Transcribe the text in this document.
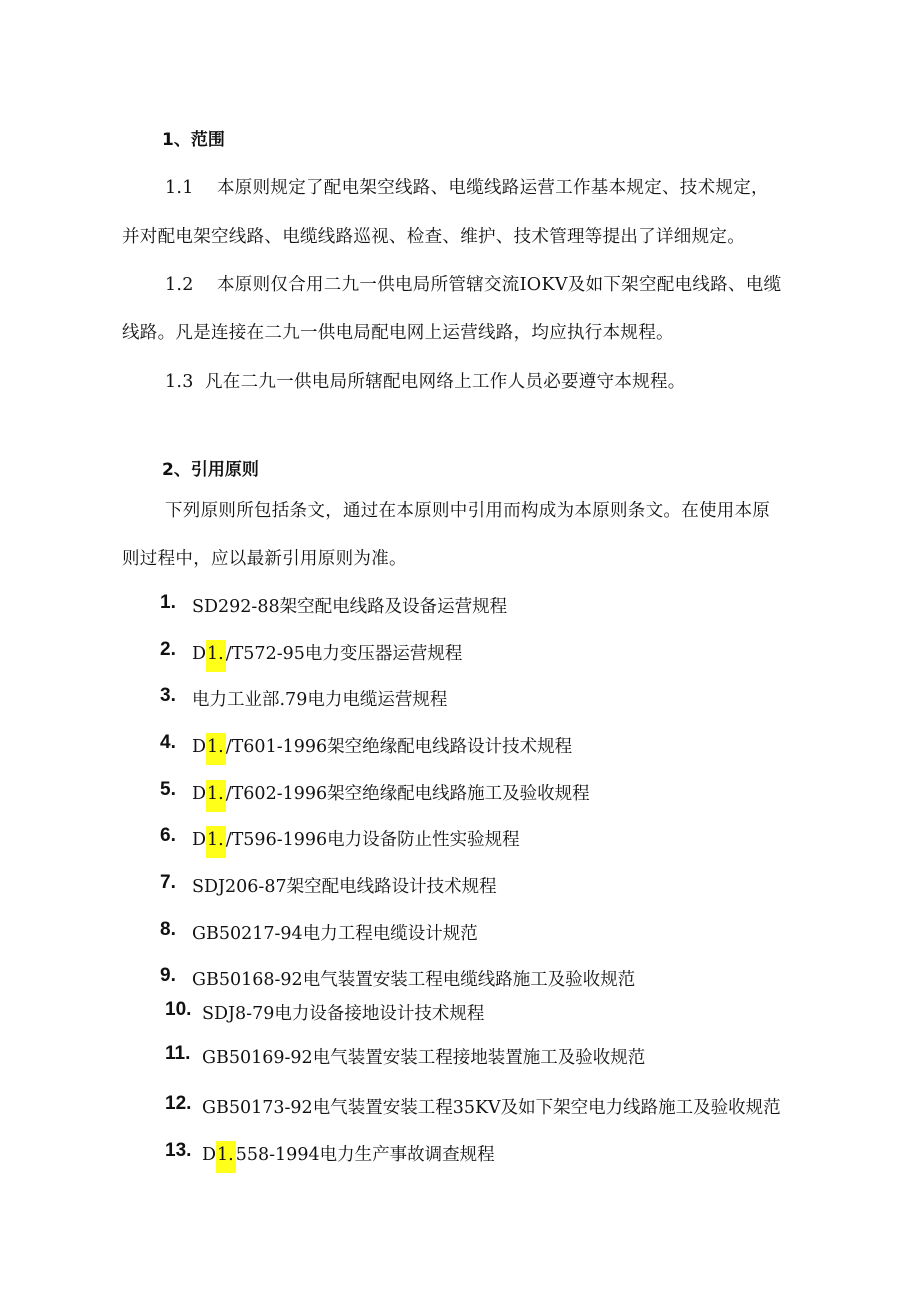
1、范围
1.1 本原则规定了配电架空线路、电缆线路运营工作基本规定、技术规定，
并对配电架空线路、电缆线路巡视、检查、维护、技术管理等提出了详细规定。
1.2 本原则仅合用二九一供电局所管辖交流IOKV及如下架空配电线路、电缆
线路。凡是连接在二九一供电局配电网上运营线路，均应执行本规程。
1.3 凡在二九一供电局所辖配电网络上工作人员必要遵守本规程。
2、引用原则
下列原则所包括条文，通过在本原则中引用而构成为本原则条文。在使用本原
则过程中，应以最新引用原则为准。
1. SD292-88架空配电线路及设备运营规程
2. D1. /T572-95电力变压器运营规程
3. 电力工业部.79电力电缆运营规程
4. D1. /T601-1996架空绝缘配电线路设计技术规程
5. D1. /T602-1996架空绝缘配电线路施工及验收规程
6. D1. /T596-1996电力设备防止性实验规程
7. SDJ206-87架空配电线路设计技术规程
8. GB50217-94电力工程电缆设计规范
9. GB50168-92电气装置安装工程电缆线路施工及验收规范
10. SDJ8-79电力设备接地设计技术规程
11. GB50169-92电气装置安装工程接地装置施工及验收规范
12. GB50173-92电气装置安装工程35KV及如下架空电力线路施工及验收规范
13. D1. 558-1994电力生产事故调查规程
